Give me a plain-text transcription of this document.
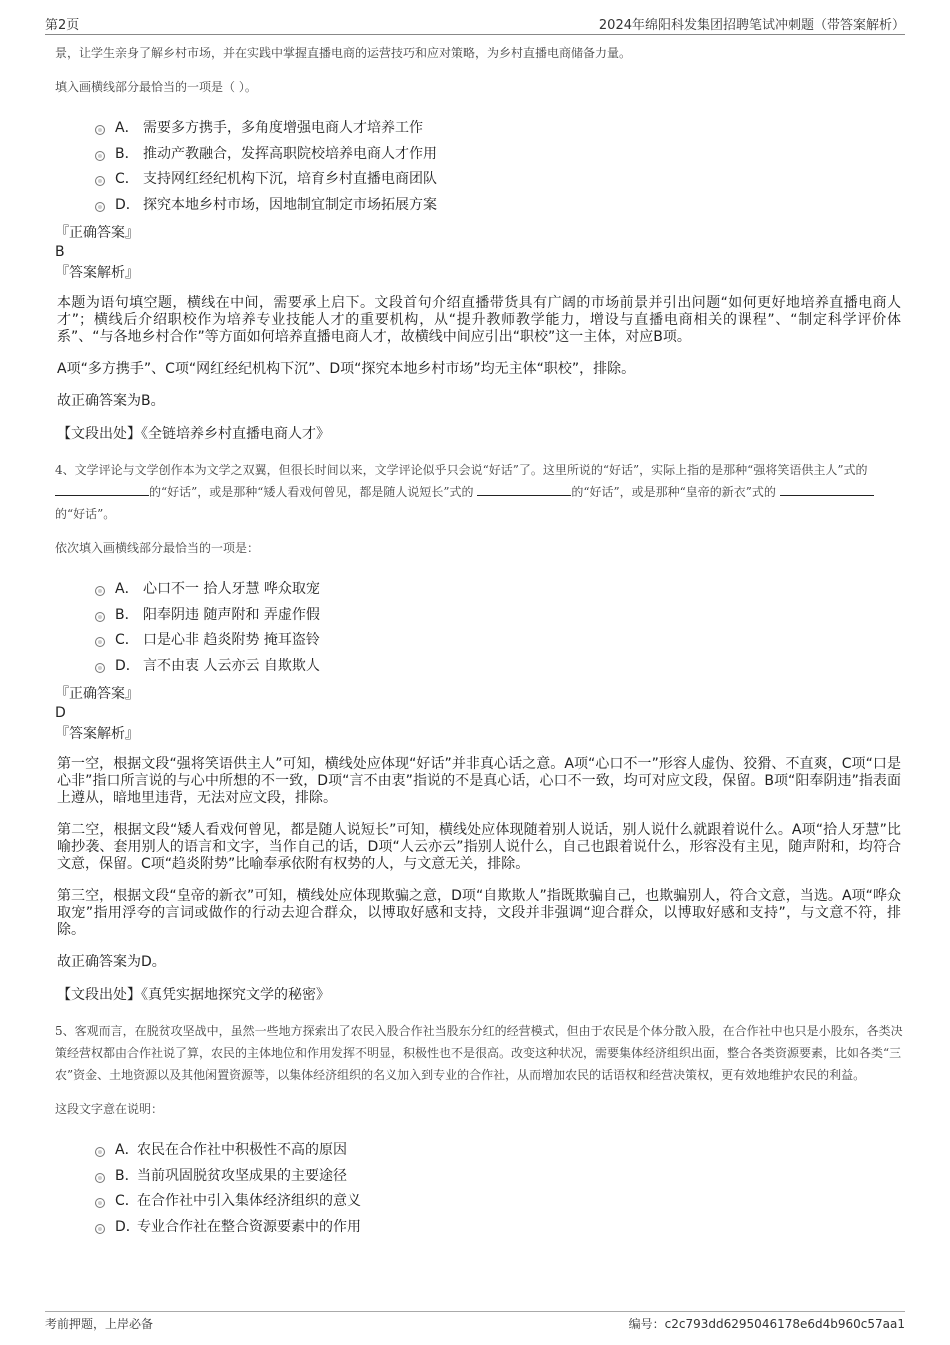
第2页	2024年绵阳科发集团招聘笔试冲刺题（带答案解析）
景，让学生亲身了解乡村市场，并在实践中掌握直播电商的运营技巧和应对策略，为乡村直播电商储备力量。
填入画横线部分最恰当的一项是（ ）。
A． 需要多方携手，多角度增强电商人才培养工作
B． 推动产教融合，发挥高职院校培养电商人才作用
C． 支持网红经纪机构下沉，培育乡村直播电商团队
D． 探究本地乡村市场，因地制宜制定市场拓展方案
『正确答案』
B
『答案解析』
本题为语句填空题，横线在中间，需要承上启下。文段首句介绍直播带货具有广阔的市场前景并引出问题“如何更好地培养直播电商人才”；横线后介绍职校作为培养专业技能人才的重要机构，从“提升教师教学能力，增设与直播电商相关的课程”、“制定科学评价体系”、“与各地乡村合作”等方面如何培养直播电商人才，故横线中间应引出“职校”这一主体，对应B项。
A项“多方携手”、C项“网红经纪机构下沉”、D项“探究本地乡村市场”均无主体“职校”，排除。
故正确答案为B。
【文段出处】《全链培养乡村直播电商人才》
4、文学评论与文学创作本为文学之双翼，但很长时间以来，文学评论似乎只会说“好话”了。这里所说的“好话”，实际上指的是那种“强将笑语供主人”式的 的“好话”，或是那种“矮人看戏何曾见，都是随人说短长”式的	的“好话”，或是那种“皇帝的新衣”式的 的“好话”。
依次填入画横线部分最恰当的一项是：
A． 心口不一 拾人牙慧 哗众取宠
B． 阳奉阴违 随声附和 弄虚作假
C． 口是心非 趋炎附势 掩耳盗铃
D． 言不由衷 人云亦云 自欺欺人
『正确答案』
D
『答案解析』
第一空，根据文段“强将笑语供主人”可知，横线处应体现“好话”并非真心话之意。A项“心口不一”形容人虚伪、狡猾、不直爽，C项“口是心非”指口所言说的与心中所想的不一致，D项“言不由衷”指说的不是真心话，心口不一致，均可对应文段，保留。B项“阳奉阴违”指表面上遵从，暗地里违背，无法对应文段，排除。
第二空，根据文段“矮人看戏何曾见，都是随人说短长”可知，横线处应体现随着别人说话，别人说什么就跟着说什么。A项“拾人牙慧”比喻抄袭、套用别人的语言和文字，当作自己的话，D项“人云亦云”指别人说什么，自己也跟着说什么，形容没有主见，随声附和，均符合文意，保留。C项“趋炎附势”比喻奉承依附有权势的人，与文意无关，排除。
第三空，根据文段“皇帝的新衣”可知，横线处应体现欺骗之意，D项“自欺欺人”指既欺骗自己，也欺骗别人，符合文意，当选。A项“哗众取宠”指用浮夸的言词或做作的行动去迎合群众，以博取好感和支持，文段并非强调“迎合群众，以博取好感和支持”，与文意不符，排除。
故正确答案为D。
【文段出处】《真凭实据地探究文学的秘密》
5、客观而言，在脱贫攻坚战中，虽然一些地方探索出了农民入股合作社当股东分红的经营模式，但由于农民是个体分散入股，在合作社中也只是小股东，各类决策经营权都由合作社说了算，农民的主体地位和作用发挥不明显，积极性也不是很高。改变这种状况，需要集体经济组织出面，整合各类资源要素，比如各类“三农”资金、土地资源以及其他闲置资源等，以集体经济组织的名义加入到专业的合作社，从而增加农民的话语权和经营决策权，更有效地维护农民的利益。
这段文字意在说明：
A．
农民在合作社中积极性不高的原因
B．
当前巩固脱贫攻坚成果的主要途径
C．
在合作社中引入集体经济组织的意义
D．
专业合作社在整合资源要素中的作用
考前押题，上岸必备	编号：c2c793dd6295046178e6d4b960c57aa1
